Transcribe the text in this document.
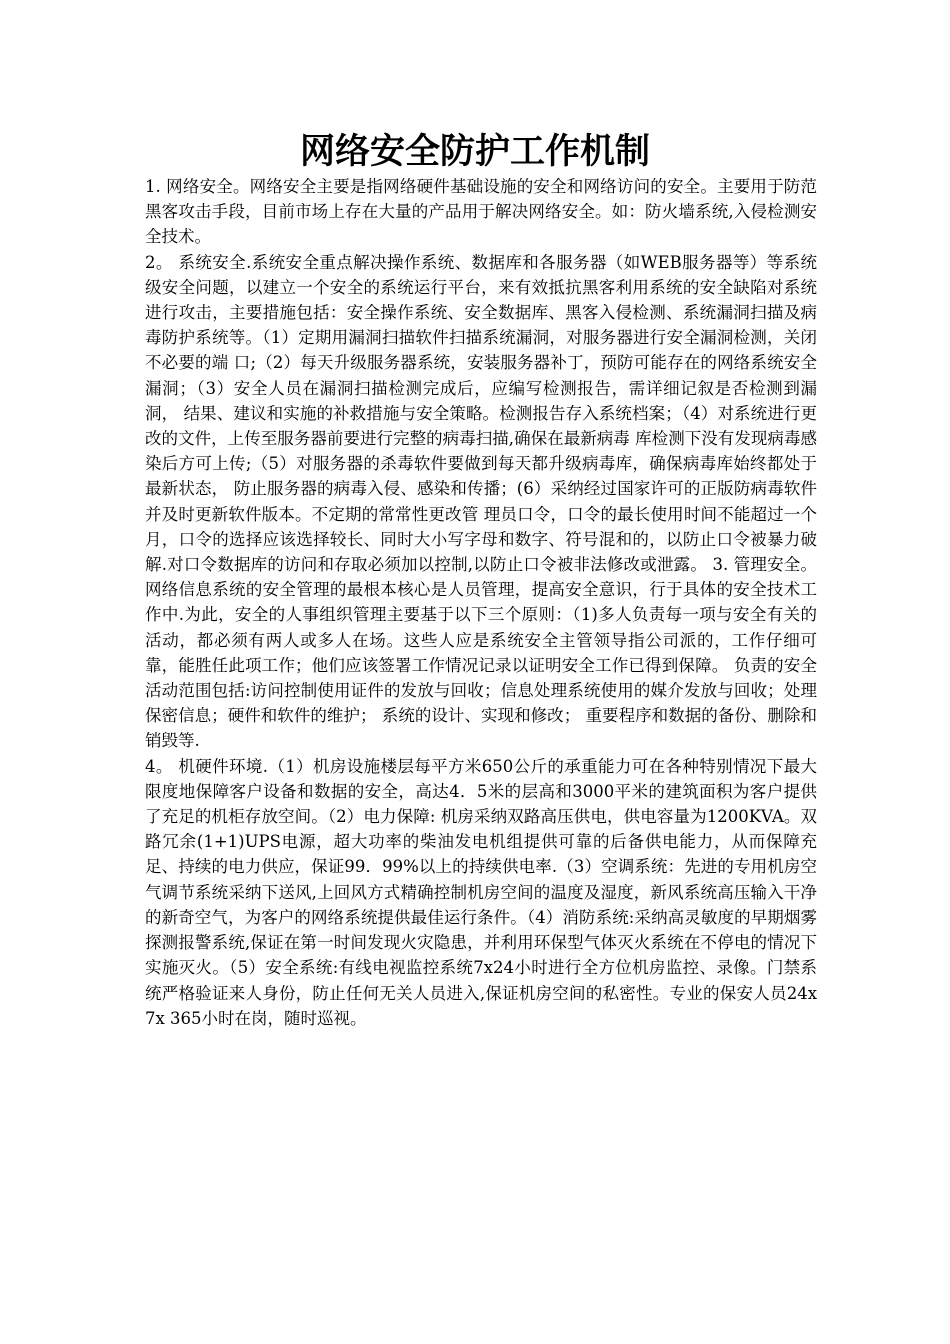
网络安全防护工作机制

1. 网络安全。网络安全主要是指网络硬件基础设施的安全和网络访问的安全。主要用于防范黑客攻击手段，目前市场上存在大量的产品用于解决网络安全。如：防火墙系统,入侵检测安全技术。

2。 系统安全.系统安全重点解决操作系统、数据库和各服务器（如WEB服务器等）等系统级安全问题，以建立一个安全的系统运行平台，来有效抵抗黑客利用系统的安全缺陷对系统进行攻击，主要措施包括：安全操作系统、安全数据库、黑客入侵检测、系统漏洞扫描及病毒防护系统等。（1）定期用漏洞扫描软件扫描系统漏洞，对服务器进行安全漏洞检测，关闭不必要的端 口;（2）每天升级服务器系统，安装服务器补丁，预防可能存在的网络系统安全漏洞；（3）安全人员在漏洞扫描检测完成后，应编写检测报告，需详细记叙是否检测到漏洞， 结果、建议和实施的补救措施与安全策略。检测报告存入系统档案；（4）对系统进行更改的文件，上传至服务器前要进行完整的病毒扫描,确保在最新病毒 库检测下没有发现病毒感染后方可上传;（5）对服务器的杀毒软件要做到每天都升级病毒库，确保病毒库始终都处于最新状态， 防止服务器的病毒入侵、感染和传播；(6）采纳经过国家许可的正版防病毒软件并及时更新软件版本。不定期的常常性更改管 理员口令，口令的最长使用时间不能超过一个月，口令的选择应该选择较长、同时大小写字母和数字、符号混和的，以防止口令被暴力破解.对口令数据库的访问和存取必须加以控制,以防止口令被非法修改或泄露。 3. 管理安全。网络信息系统的安全管理的最根本核心是人员管理，提高安全意识，行于具体的安全技术工作中.为此，安全的人事组织管理主要基于以下三个原则：（1)多人负责每一项与安全有关的活动，都必须有两人或多人在场。这些人应是系统安全主管领导指公司派的，工作仔细可靠，能胜任此项工作；他们应该签署工作情况记录以证明安全工作已得到保障。 负责的安全活动范围包括:访问控制使用证件的发放与回收；信息处理系统使用的媒介发放与回收；处理保密信息；硬件和软件的维护； 系统的设计、实现和修改； 重要程序和数据的备份、删除和销毁等.

4。 机硬件环境.（1）机房设施楼层每平方米650公斤的承重能力可在各种特别情况下最大限度地保障客户设备和数据的安全，高达4．5米的层高和3000平米的建筑面积为客户提供了充足的机柜存放空间。（2）电力保障: 机房采纳双路高压供电，供电容量为1200KVA。双路冗余(1+1)UPS电源，超大功率的柴油发电机组提供可靠的后备供电能力，从而保障充足、持续的电力供应，保证99．99%以上的持续供电率.（3）空调系统：先进的专用机房空气调节系统采纳下送风,上回风方式精确控制机房空间的温度及湿度，新风系统高压输入干净的新奇空气，为客户的网络系统提供最佳运行条件。（4）消防系统:采纳高灵敏度的早期烟雾探测报警系统,保证在第一时间发现火灾隐患，并利用环保型气体灭火系统在不停电的情况下实施灭火。（5）安全系统:有线电视监控系统7x24小时进行全方位机房监控、录像。门禁系统严格验证来人身份，防止任何无关人员进入,保证机房空间的私密性。专业的保安人员24x 7x 365小时在岗，随时巡视。
